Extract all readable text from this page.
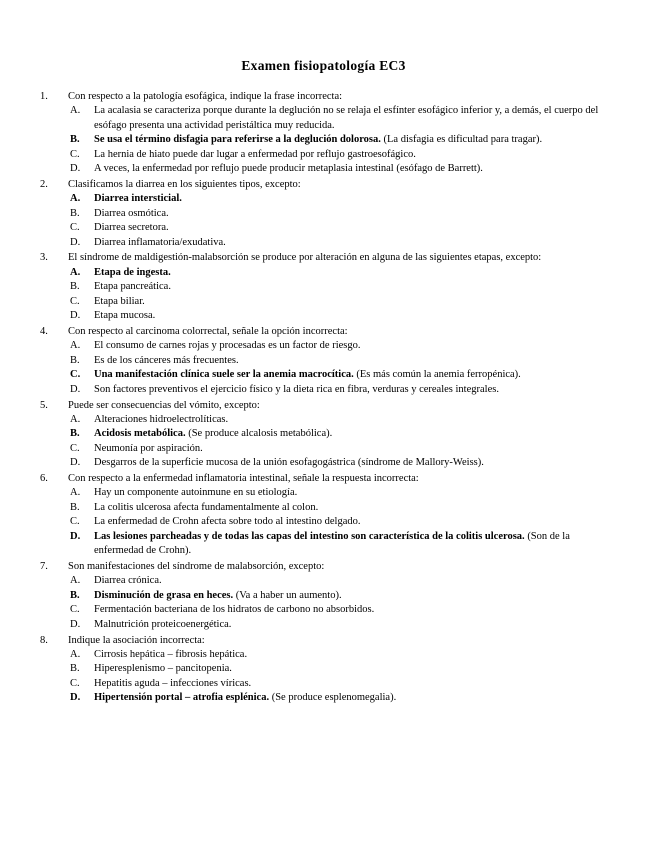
Examen fisiopatología EC3
1.	Con respecto a la patología esofágica, indique la frase incorrecta:
A.	La acalasia se caracteriza porque durante la deglución no se relaja el esfínter esofágico inferior y, a demás, el cuerpo del esófago presenta una actividad peristáltica muy reducida.
B.	Se usa el término disfagia para referirse a la deglución dolorosa. (La disfagia es dificultad para tragar).
C.	La hernia de hiato puede dar lugar a enfermedad por reflujo gastroesofágico.
D.	A veces, la enfermedad por reflujo puede producir metaplasia intestinal (esófago de Barrett).
2.	Clasificamos la diarrea en los siguientes tipos, excepto:
A.	Diarrea intersticial.
B.	Diarrea osmótica.
C.	Diarrea secretora.
D.	Diarrea inflamatoria/exudativa.
3.	El síndrome de maldigestión-malabsorción se produce por alteración en alguna de las siguientes etapas, excepto:
A.	Etapa de ingesta.
B.	Etapa pancreática.
C.	Etapa biliar.
D.	Etapa mucosa.
4.	Con respecto al carcinoma colorrectal, señale la opción incorrecta:
A.	El consumo de carnes rojas y procesadas es un factor de riesgo.
B.	Es de los cánceres más frecuentes.
C.	Una manifestación clínica suele ser la anemia macrocítica. (Es más común la anemia ferropénica).
D.	Son factores preventivos el ejercicio físico y la dieta rica en fibra, verduras y cereales integrales.
5.	Puede ser consecuencias del vómito, excepto:
A.	Alteraciones hidroelectrolíticas.
B.	Acidosis metabólica. (Se produce alcalosis metabólica).
C.	Neumonía por aspiración.
D.	Desgarros de la superficie mucosa de la unión esofagogástrica (síndrome de Mallory-Weiss).
6.	Con respecto a la enfermedad inflamatoria intestinal, señale la respuesta incorrecta:
A.	Hay un componente autoinmune en su etiología.
B.	La colitis ulcerosa afecta fundamentalmente al colon.
C.	La enfermedad de Crohn afecta sobre todo al intestino delgado.
D.	Las lesiones parcheadas y de todas las capas del intestino son característica de la colitis ulcerosa. (Son de la enfermedad de Crohn).
7.	Son manifestaciones del síndrome de malabsorción, excepto:
A.	Diarrea crónica.
B.	Disminución de grasa en heces. (Va a haber un aumento).
C.	Fermentación bacteriana de los hidratos de carbono no absorbidos.
D.	Malnutrición proteicoenergética.
8.	Indique la asociación incorrecta:
A.	Cirrosis hepática – fibrosis hepática.
B.	Hiperesplenismo – pancitopenia.
C.	Hepatitis aguda – infecciones víricas.
D.	Hipertensión portal – atrofia esplénica. (Se produce esplenomegalia).
